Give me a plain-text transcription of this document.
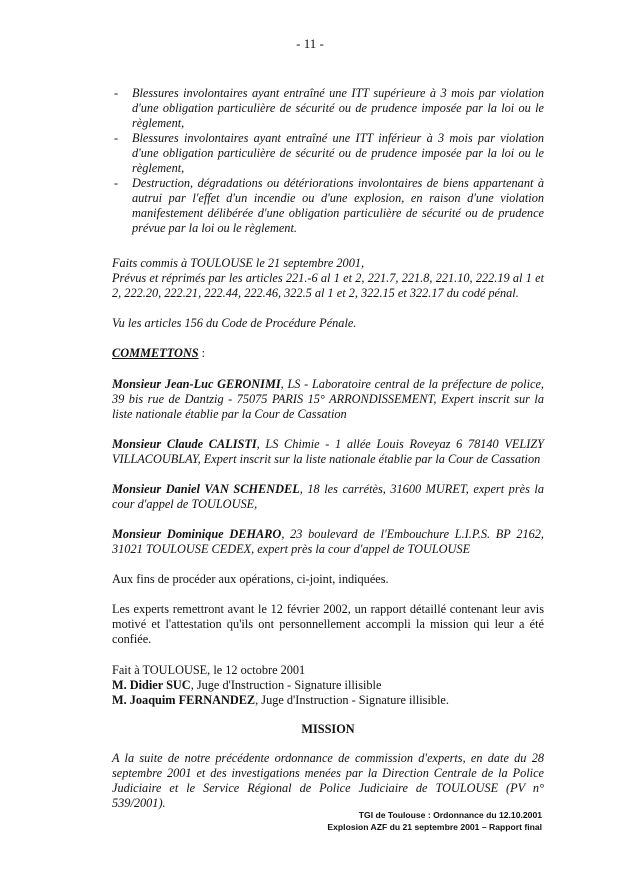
- 11 -
- Blessures involontaires ayant entraîné une ITT supérieure à 3 mois par violation d'une obligation particulière de sécurité ou de prudence imposée par la loi ou le règlement,
- Blessures involontaires ayant entraîné une ITT inférieur à 3 mois par violation d'une obligation particulière de sécurité ou de prudence imposée par la loi ou le règlement,
- Destruction, dégradations ou détériorations involontaires de biens appartenant à autrui par l'effet d'un incendie ou d'une explosion, en raison d'une violation manifestement délibérée d'une obligation particulière de sécurité ou de prudence prévue par la loi ou le règlement.

Faits commis à TOULOUSE le 21 septembre 2001,
Prévus et réprimés par les articles 221.-6 al 1 et 2, 221.7, 221.8, 221.10, 222.19 al 1 et 2, 222.20, 222.21, 222.44, 222.46, 322.5 al 1 et 2, 322.15 et 322.17 du codé pénal.

Vu les articles 156 du Code de Procédure Pénale.

COMMETTONS :

Monsieur Jean-Luc GERONIMI, LS - Laboratoire central de la préfecture de police, 39 bis rue de Dantzig - 75075 PARIS 15° ARRONDISSEMENT, Expert inscrit sur la liste nationale établie par la Cour de Cassation

Monsieur Claude CALISTI, LS Chimie - 1 allée Louis Roveyaz 6 78140 VELIZY VILLACOUBLAY, Expert inscrit sur la liste nationale établie par la Cour de Cassation

Monsieur Daniel VAN SCHENDEL, 18 les carrétès, 31600 MURET, expert près la cour d'appel de TOULOUSE,

Monsieur Dominique DEHARO, 23 boulevard de l'Embouchure L.I.P.S. BP 2162, 31021 TOULOUSE CEDEX, expert près la cour d'appel de TOULOUSE

Aux fins de procéder aux opérations, ci-joint, indiquées.

Les experts remettront avant le 12 février 2002, un rapport détaillé contenant leur avis motivé et l'attestation qu'ils ont personnellement accompli la mission qui leur a été confiée.

Fait à TOULOUSE, le 12 octobre 2001

M. Didier SUC, Juge d'Instruction - Signature illisible

M. Joaquim FERNANDEZ, Juge d'Instruction - Signature illisible.

MISSION

A la suite de notre précédente ordonnance de commission d'experts, en date du 28 septembre 2001 et des investigations menées par la Direction Centrale de la Police Judiciaire et le Service Régional de Police Judiciaire de TOULOUSE (PV n° 539/2001).

TGI de Toulouse : Ordonnance du 12.10.2001
Explosion AZF du 21 septembre 2001 – Rapport final
